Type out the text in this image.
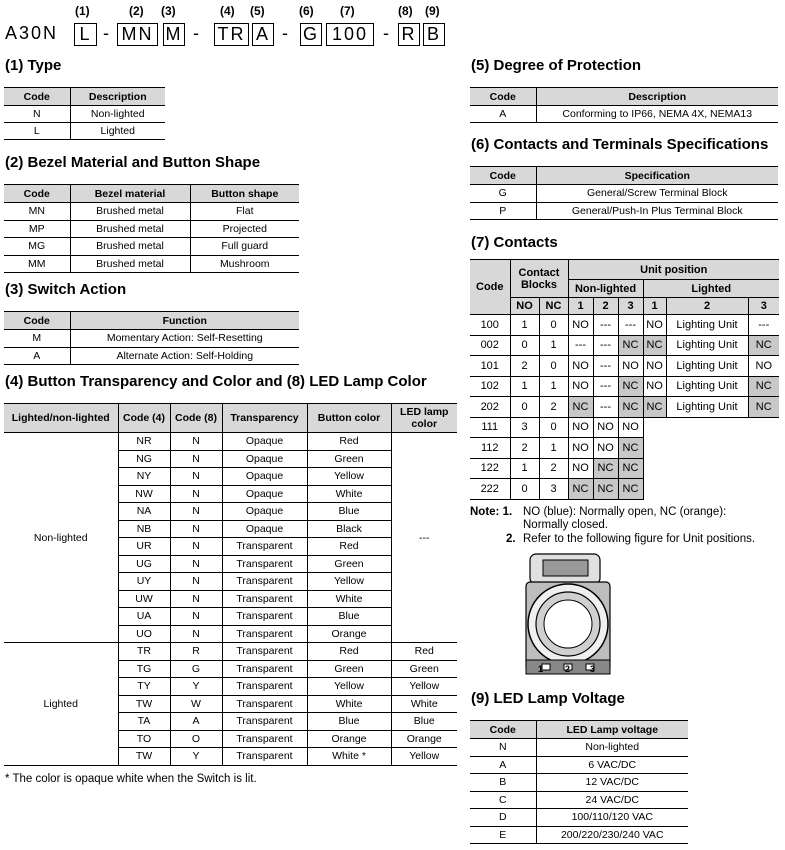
A30N	L - MN M - TR A - G 100 - R B
(1)	(2) (3)	(4) (5)	(6) (7)	(8) (9)
(1) Type
Code	Description
N	Non-lighted
L	Lighted
(2) Bezel Material and Button Shape
Code	Bezel material	Button shape
MN	Brushed metal	Flat
MP	Brushed metal	Projected
MG	Brushed metal	Full guard
MM	Brushed metal	Mushroom
(3) Switch Action
Code	Function
M	Momentary Action: Self-Resetting
A	Alternate Action: Self-Holding
(4) Button Transparency and Color and (8) LED Lamp Color
Lighted/non-lighted	Code (4)	Code (8)	Transparency	Button color	LED lamp color
Non-lighted	NR	N	Opaque	Red	---
	NG	N	Opaque	Green	
	NY	N	Opaque	Yellow	
	NW	N	Opaque	White	
	NA	N	Opaque	Blue	
	NB	N	Opaque	Black	
	UR	N	Transparent	Red	
	UG	N	Transparent	Green	
	UY	N	Transparent	Yellow	
	UW	N	Transparent	White	
	UA	N	Transparent	Blue	
	UO	N	Transparent	Orange	
Lighted	TR	R	Transparent	Red	Red
	TG	G	Transparent	Green	Green
	TY	Y	Transparent	Yellow	Yellow
	TW	W	Transparent	White	White
	TA	A	Transparent	Blue	Blue
	TO	O	Transparent	Orange	Orange
	TW	Y	Transparent	White *	Yellow
* The color is opaque white when the Switch is lit.
(5) Degree of Protection
Code	Description
A	Conforming to IP66, NEMA 4X, NEMA13
(6) Contacts and Terminals Specifications
Code	Specification
G	General/Screw Terminal Block
P	General/Push-In Plus Terminal Block
(7) Contacts
Code	Contact Blocks		Unit position					
			Non-lighted			Lighted		
	NO	NC	1	2	3	1	2	3
100	1	0	NO	---	---	NO	Lighting Unit	---
002	0	1	---	---	NC	NC	Lighting Unit	NC
101	2	0	NO	---	NO	NO	Lighting Unit	NO
102	1	1	NO	---	NC	NO	Lighting Unit	NC
202	0	2	NC	---	NC	NC	Lighting Unit	NC
111	3	0	NO	NO	NO			
112	2	1	NO	NO	NC			
122	1	2	NO	NC	NC			
222	0	3	NC	NC	NC			
Note: 1. NO (blue): Normally open, NC (orange):
Normally closed.
2. Refer to the following figure for Unit positions.
1 2 3
(9) LED Lamp Voltage
Code	LED Lamp voltage
N	Non-lighted
A	6 VAC/DC
B	12 VAC/DC
C	24 VAC/DC
D	100/110/120 VAC
E	200/220/230/240 VAC
